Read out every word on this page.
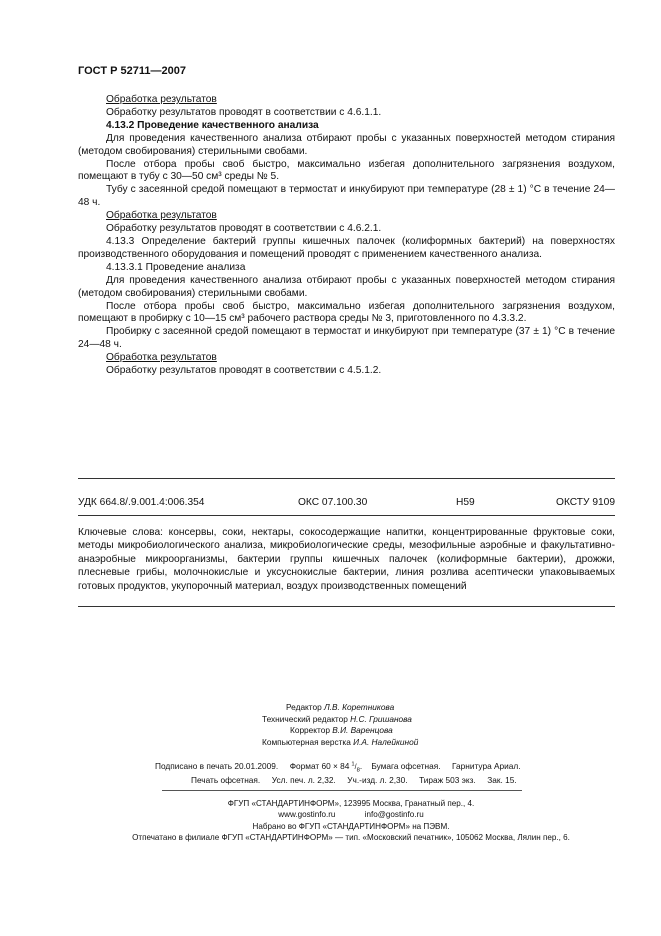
ГОСТ Р 52711—2007

Обработка результатов

Обработку результатов проводят в соответствии с 4.6.1.1.

4.13.2 Проведение качественного анализа

Для проведения качественного анализа отбирают пробы с указанных поверхностей методом стирания (методом свобирования) стерильными свобами.

После отбора пробы своб быстро, максимально избегая дополнительного загрязнения воздухом, помещают в тубу с 30—50 см³ среды № 5.

Тубу с засеянной средой помещают в термостат и инкубируют при температуре (28 ± 1) °С в течение 24—48 ч.

Обработка результатов

Обработку результатов проводят в соответствии с 4.6.2.1.

4.13.3 Определение бактерий группы кишечных палочек (колиформных бактерий) на поверхностях производственного оборудования и помещений проводят с применением качественного анализа.

4.13.3.1 Проведение анализа

Для проведения качественного анализа отбирают пробы с указанных поверхностей методом стирания (методом свобирования) стерильными свобами.

После отбора пробы своб быстро, максимально избегая дополнительного загрязнения воздухом, помещают в пробирку с 10—15 см³ рабочего раствора среды № 3, приготовленного по 4.3.3.2.

Пробирку с засеянной средой помещают в термостат и инкубируют при температуре (37 ± 1) °С в течение 24—48 ч.

Обработка результатов

Обработку результатов проводят в соответствии с 4.5.1.2.

УДК 664.8/.9.001.4:006.354	ОКС 07.100.30	Н59	ОКСТУ 9109
Ключевые слова: консервы, соки, нектары, сокосодержащие напитки, концентрированные фруктовые соки, методы микробиологического анализа, микробиологические среды, мезофильные аэробные и факультативно-анаэробные микроорганизмы, бактерии группы кишечных палочек (колиформные бактерии), дрожжи, плесневые грибы, молочнокислые и уксуснокислые бактерии, линия розлива асептически упаковываемых готовых продуктов, укупорочный материал, воздух производственных помещений
Редактор Л.В. Коретникова
Технический редактор Н.С. Гришанова
Корректор В.И. Варенцова
Компьютерная верстка И.А. Налейкиной
Подписано в печать 20.01.2009. Формат 60 × 84 $^1/_8$. Бумага офсетная. Гарнитура Ариал.
Печать офсетная. Усл. печ. л. 2,32. Уч.-изд. л. 2,30. Тираж 503 экз. Зак. 15.
ФГУП «СТАНДАРТИНФОРМ», 123995 Москва, Гранатный пер., 4.
www.gostinfo.ru	info@gostinfo.ru
Набрано во ФГУП «СТАНДАРТИНФОРМ» на ПЭВМ.
Отпечатано в филиале ФГУП «СТАНДАРТИНФОРМ» — тип. «Московский печатник», 105062 Москва, Лялин пер., 6.
